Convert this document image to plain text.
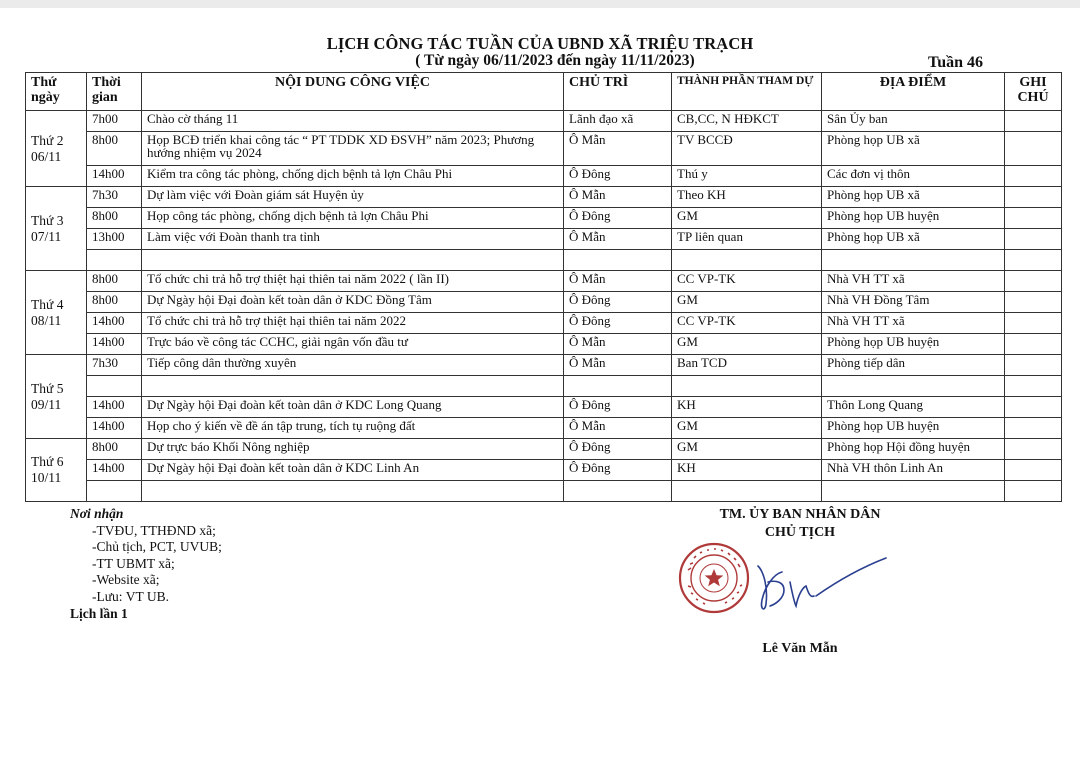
LỊCH CÔNG TÁC TUẦN CỦA UBND XÃ TRIỆU TRẠCH
( Từ ngày 06/11/2023 đến ngày 11/11/2023)	Tuần 46
Thứ ngày	Thời gian	NỘI DUNG CÔNG VIỆC	CHỦ TRÌ	THÀNH PHẦN THAM DỰ	ĐỊA ĐIỂM	GHI CHÚ
Thứ 2 06/11	7h00	Chào cờ tháng 11	Lãnh đạo xã	CB,CC, N HĐKCT	Sân Ủy ban	
	8h00	Họp BCĐ triển khai công tác “ PT TDDK XD ĐSVH” năm 2023; Phương hướng nhiệm vụ 2024	Ô Mẫn	TV BCCĐ	Phòng họp UB xã	
	14h00	Kiểm tra công tác phòng, chống dịch bệnh tả lợn Châu Phi	Ô Đông	Thú y	Các đơn vị thôn	
Thứ 3 07/11	7h30	Dự làm việc với Đoàn giám sát Huyện ủy	Ô Mẫn	Theo KH	Phòng họp UB xã	
	8h00	Họp công tác phòng, chống dịch bệnh tả lợn Châu Phi	Ô Đông	GM	Phòng họp UB huyện	
	13h00	Làm việc với Đoàn thanh tra tỉnh	Ô Mẫn	TP liên quan	Phòng họp UB xã	

Thứ 4 08/11	8h00	Tổ chức chi trả hỗ trợ thiệt hại thiên tai năm 2022 ( lần II)	Ô Mẫn	CC VP-TK	Nhà VH TT xã	
	8h00	Dự Ngày hội Đại đoàn kết toàn dân ở KDC Đồng Tâm	Ô Đông	GM	Nhà VH Đồng Tâm	
	14h00	Tổ chức chi trả hỗ trợ thiệt hại thiên tai năm 2022	Ô Đông	CC VP-TK	Nhà VH TT xã	
	14h00	Trực báo về công tác CCHC, giải ngân vốn đầu tư	Ô Mẫn	GM	Phòng họp UB huyện	
Thứ 5 09/11	7h30	Tiếp công dân thường xuyên	Ô Mẫn	Ban TCD	Phòng tiếp dân	

	14h00	Dự Ngày hội Đại đoàn kết toàn dân ở KDC Long Quang	Ô Đông	KH	Thôn Long Quang	
	14h00	Họp cho ý kiến về đề án tập trung, tích tụ ruộng đất	Ô Mẫn	GM	Phòng họp UB huyện	
Thứ 6 10/11	8h00	Dự trực báo Khối Nông nghiệp	Ô Đông	GM	Phòng họp Hội đồng huyện	
	14h00	Dự Ngày hội Đại đoàn kết toàn dân ở KDC Linh An	Ô Đông	KH	Nhà VH thôn Linh An	

Nơi nhận
-TVĐU, TTHĐND xã;
-Chủ tịch, PCT, UVUB;
-TT UBMT xã;
-Website xã;
-Lưu: VT UB.
Lịch lần 1
TM. ỦY BAN NHÂN DÂN
CHỦ TỊCH
Lê Văn Mẫn
